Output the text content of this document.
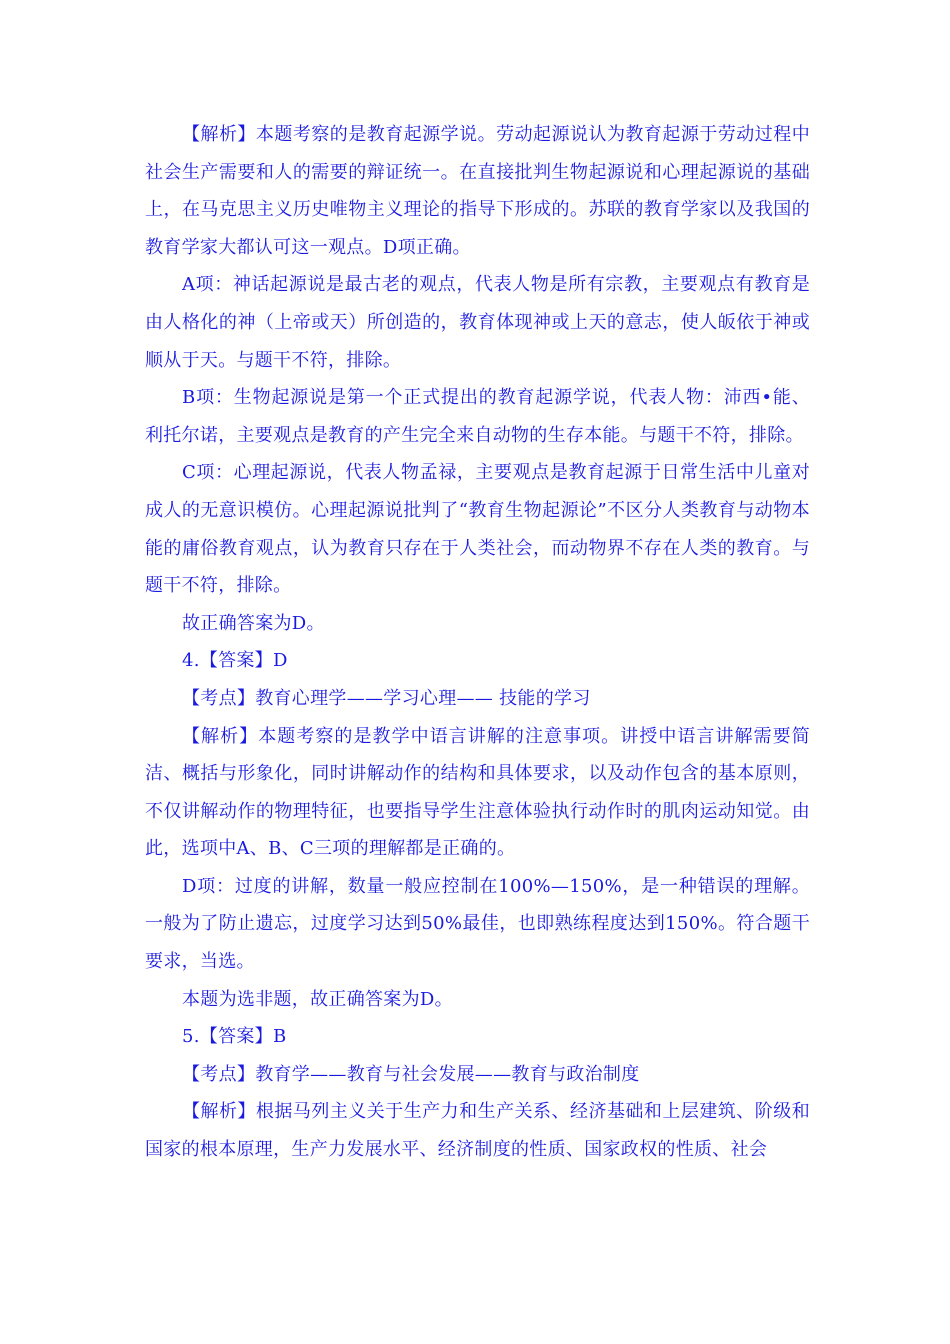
【解析】本题考察的是教育起源学说。劳动起源说认为教育起源于劳动过程中社会生产需要和人的需要的辩证统一。在直接批判生物起源说和心理起源说的基础上，在马克思主义历史唯物主义理论的指导下形成的。苏联的教育学家以及我国的教育学家大都认可这一观点。D项正确。

A项：神话起源说是最古老的观点，代表人物是所有宗教，主要观点有教育是由人格化的神（上帝或天）所创造的，教育体现神或上天的意志，使人皈依于神或顺从于天。与题干不符，排除。

B项：生物起源说是第一个正式提出的教育起源学说，代表人物：沛西•能、利托尔诺，主要观点是教育的产生完全来自动物的生存本能。与题干不符，排除。

C项：心理起源说，代表人物孟禄，主要观点是教育起源于日常生活中儿童对成人的无意识模仿。心理起源说批判了“教育生物起源论”不区分人类教育与动物本能的庸俗教育观点，认为教育只存在于人类社会，而动物界不存在人类的教育。与题干不符，排除。

故正确答案为D。

4.【答案】D

【考点】教育心理学——学习心理—— 技能的学习

【解析】本题考察的是教学中语言讲解的注意事项。讲授中语言讲解需要简洁、概括与形象化，同时讲解动作的结构和具体要求，以及动作包含的基本原则，不仅讲解动作的物理特征，也要指导学生注意体验执行动作时的肌肉运动知觉。由此，选项中A、B、C三项的理解都是正确的。

D项：过度的讲解，数量一般应控制在100%—150%，是一种错误的理解。一般为了防止遗忘，过度学习达到50%最佳，也即熟练程度达到150%。符合题干要求，当选。

本题为选非题，故正确答案为D。

5.【答案】B

【考点】教育学——教育与社会发展——教育与政治制度

【解析】根据马列主义关于生产力和生产关系、经济基础和上层建筑、阶级和国家的根本原理，生产力发展水平、经济制度的性质、国家政权的性质、社会
